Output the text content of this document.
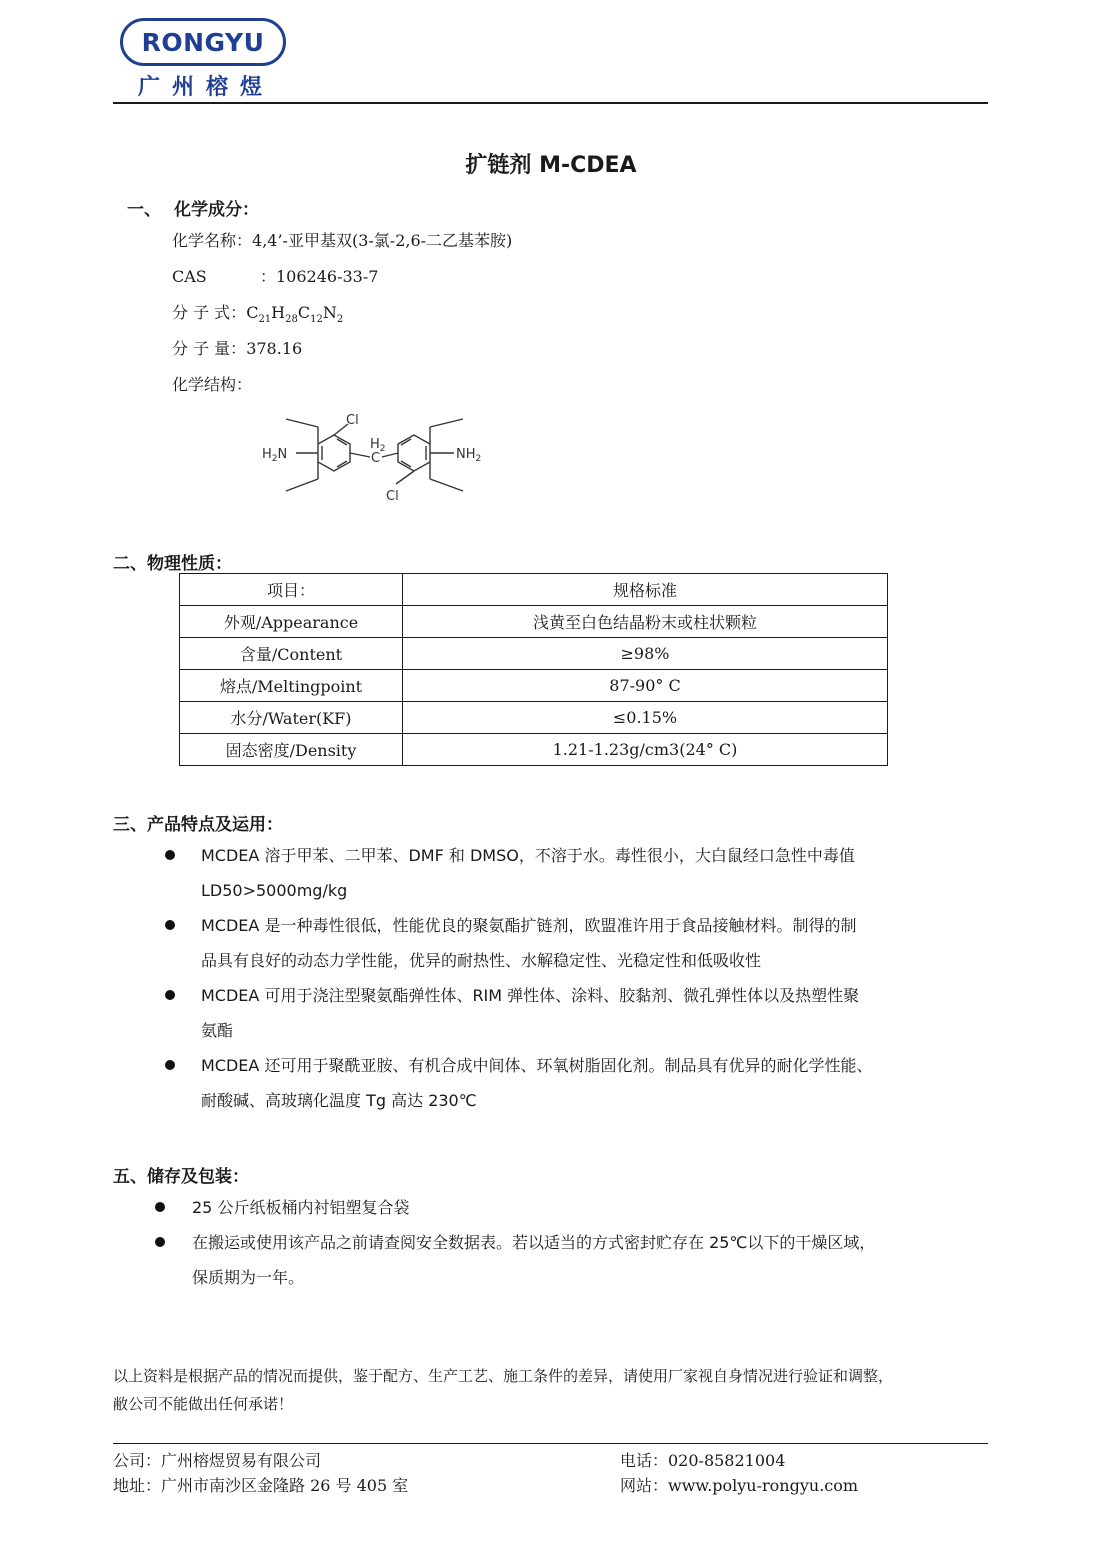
RONGYU
广州榕煜
扩链剂 M-CDEA
一、 化学成分：
化学名称：4,4’-亚甲基双(3-氯-2,6-二乙基苯胺)
CAS	：106246-33-7
分 子 式：$C_{21}H_{28}C_{12}N_2$
分 子 量：378.16
化学结构：
Cl
$H_2$
C
$H_2N$	$NH_2$
Cl
二、物理性质：
项目：	规格标准
外观/Appearance	浅黄至白色结晶粉末或柱状颗粒
含量/Content	≥98%
熔点/Meltingpoint	87-90° C
水分/Water(KF)	≤0.15%
固态密度/Density	1.21-1.23g/cm3(24° C)
三、产品特点及运用：
MCDEA 溶于甲苯、二甲苯、DMF 和 DMSO，不溶于水。毒性很小，大白鼠经口急性中毒值
LD50>5000mg/kg
MCDEA 是一种毒性很低，性能优良的聚氨酯扩链剂，欧盟准许用于食品接触材料。制得的制
品具有良好的动态力学性能，优异的耐热性、水解稳定性、光稳定性和低吸收性
MCDEA 可用于浇注型聚氨酯弹性体、RIM 弹性体、涂料、胶黏剂、微孔弹性体以及热塑性聚
氨酯
MCDEA 还可用于聚酰亚胺、有机合成中间体、环氧树脂固化剂。制品具有优异的耐化学性能、
耐酸碱、高玻璃化温度 Tg 高达 230℃
五、储存及包装：
25 公斤纸板桶内衬铝塑复合袋
在搬运或使用该产品之前请查阅安全数据表。若以适当的方式密封贮存在 25℃以下的干燥区域，
保质期为一年。
以上资料是根据产品的情况而提供，鉴于配方、生产工艺、施工条件的差异，请使用厂家视自身情况进行验证和调整，
敝公司不能做出任何承诺！
公司：广州榕煜贸易有限公司
地址：广州市南沙区金隆路 26 号 405 室
电话：020-85821004
网站：www.polyu-rongyu.com
